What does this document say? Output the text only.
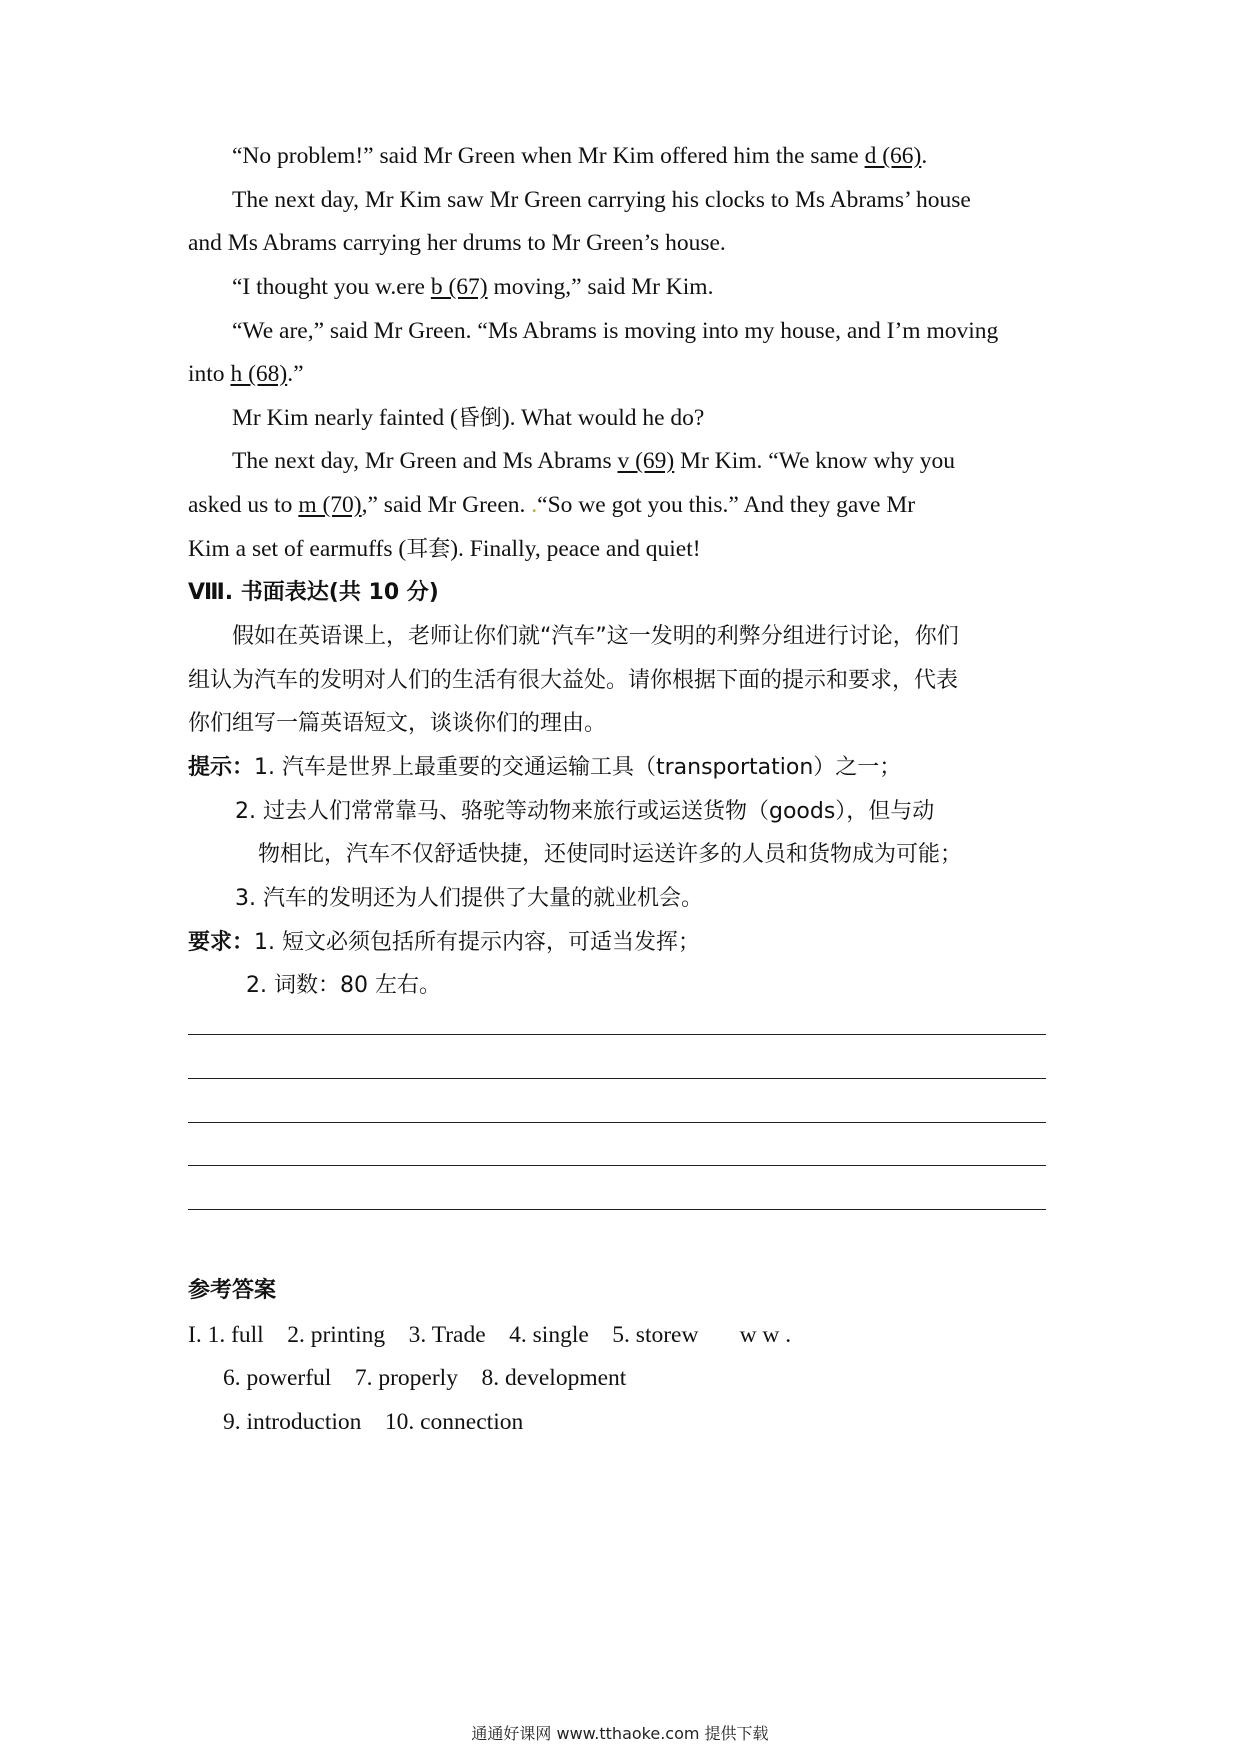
“No problem!” said Mr Green when Mr Kim offered him the same d (66).
The next day, Mr Kim saw Mr Green carrying his clocks to Ms Abrams’ house
and Ms Abrams carrying her drums to Mr Green’s house.
“I thought you w.ere b (67) moving,” said Mr Kim.
“We are,” said Mr Green. “Ms Abrams is moving into my house, and I’m moving
into h (68).”
Mr Kim nearly fainted (昏倒). What would he do?
The next day, Mr Green and Ms Abrams v (69) Mr Kim. “We know why you
asked us to m (70),” said Mr Green. .“So we got you this.” And they gave Mr
Kim a set of earmuffs (耳套). Finally, peace and quiet!
Ⅷ. 书面表达(共 10 分)
假如在英语课上，老师让你们就“汽车”这一发明的利弊分组进行讨论，你们
组认为汽车的发明对人们的生活有很大益处。请你根据下面的提示和要求，代表
你们组写一篇英语短文，谈谈你们的理由。
提示：1. 汽车是世界上最重要的交通运输工具（transportation）之一；
2. 过去人们常常靠马、骆驼等动物来旅行或运送货物（goods），但与动
物相比，汽车不仅舒适快捷，还使同时运送许多的人员和货物成为可能；
3. 汽车的发明还为人们提供了大量的就业机会。
要求：1. 短文必须包括所有提示内容，可适当发挥；
2. 词数：80 左右。
参考答案
I. 1. full    2. printing    3. Trade    4. single    5. storew       w w .
6. powerful    7. properly    8. development
9. introduction    10. connection
通通好课网 www.tthaoke.com 提供下载
